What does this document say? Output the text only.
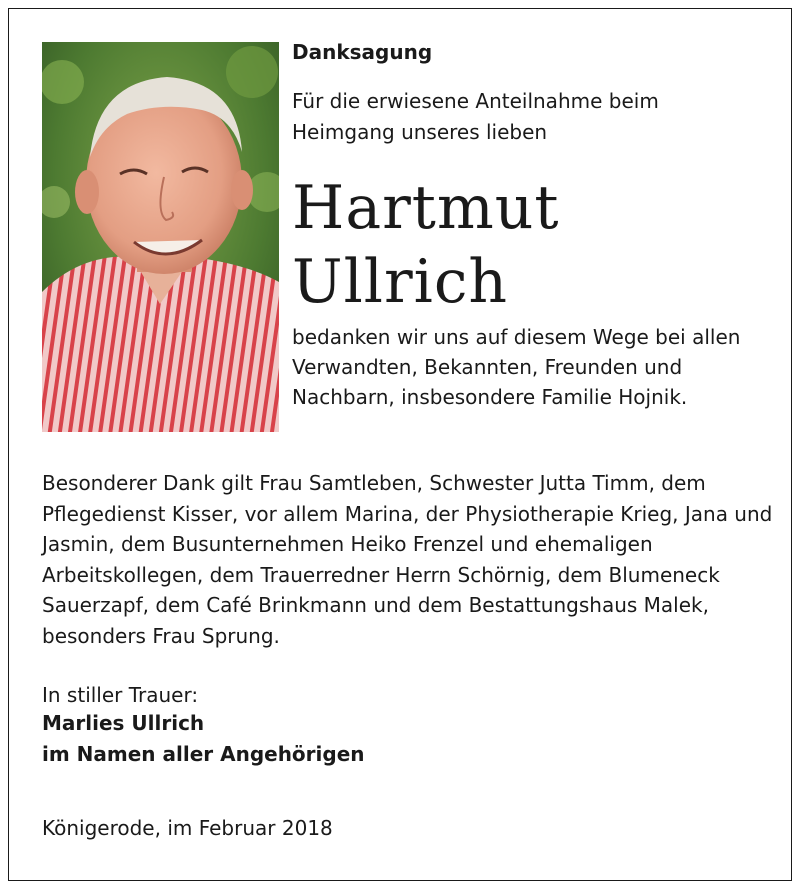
Danksagung

Für die erwiesene Anteilnahme beim Heimgang unseres lieben

Hartmut
Ullrich

bedanken wir uns auf diesem Wege bei allen Verwandten, Bekannten, Freunden und Nachbarn, insbesondere Familie Hojnik.

Besonderer Dank gilt Frau Samtleben, Schwester Jutta Timm, dem Pflegedienst Kisser, vor allem Marina, der Physiotherapie Krieg, Jana und Jasmin, dem Busunternehmen Heiko Frenzel und ehemaligen Arbeitskollegen, dem Trauerredner Herrn Schörnig, dem Blumeneck Sauerzapf, dem Café Brinkmann und dem Bestattungshaus Malek, besonders Frau Sprung.

In stiller Trauer:
Marlies Ullrich
im Namen aller Angehörigen
Königerode, im Februar 2018
